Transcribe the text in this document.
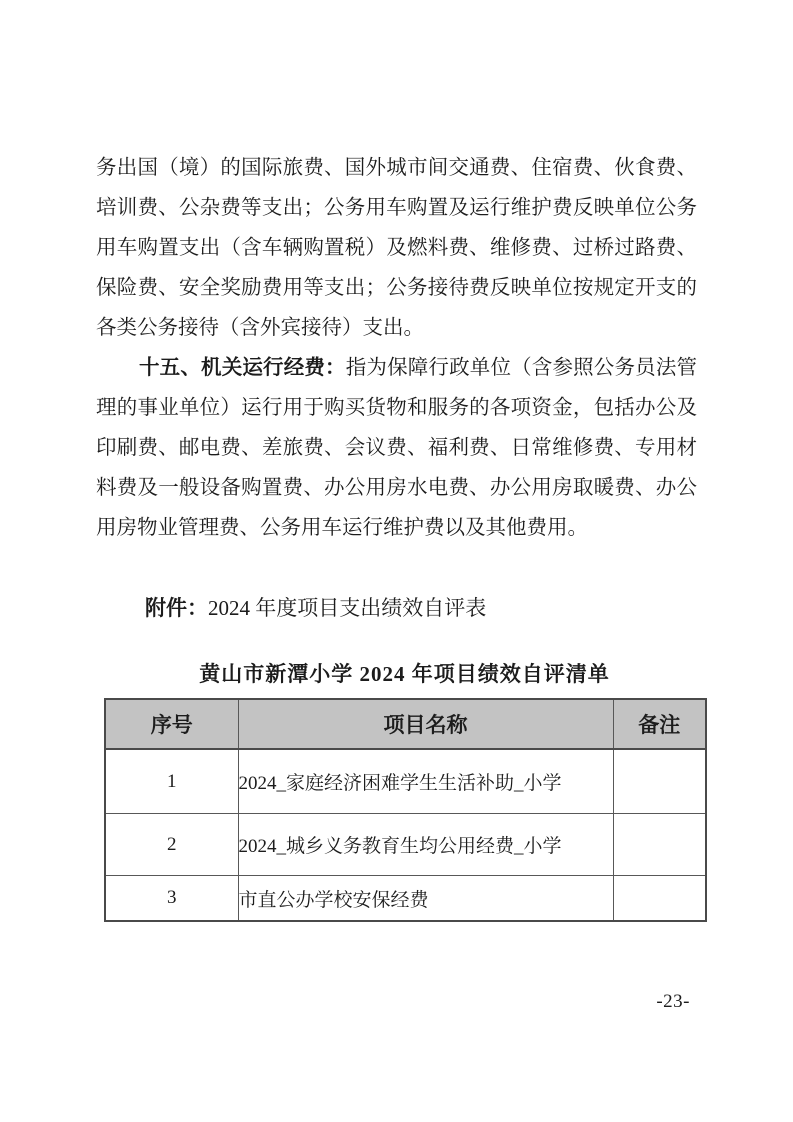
务出国（境）的国际旅费、国外城市间交通费、住宿费、伙食费、培训费、公杂费等支出；公务用车购置及运行维护费反映单位公务用车购置支出（含车辆购置税）及燃料费、维修费、过桥过路费、保险费、安全奖励费用等支出；公务接待费反映单位按规定开支的各类公务接待（含外宾接待）支出。

十五、机关运行经费：指为保障行政单位（含参照公务员法管理的事业单位）运行用于购买货物和服务的各项资金，包括办公及印刷费、邮电费、差旅费、会议费、福利费、日常维修费、专用材料费及一般设备购置费、办公用房水电费、办公用房取暖费、办公用房物业管理费、公务用车运行维护费以及其他费用。

附件：2024 年度项目支出绩效自评表

黄山市新潭小学 2024 年项目绩效自评清单

序号	项目名称	备注
1	2024_家庭经济困难学生生活补助_小学	
2	2024_城乡义务教育生均公用经费_小学	
3	市直公办学校安保经费	
-23-
